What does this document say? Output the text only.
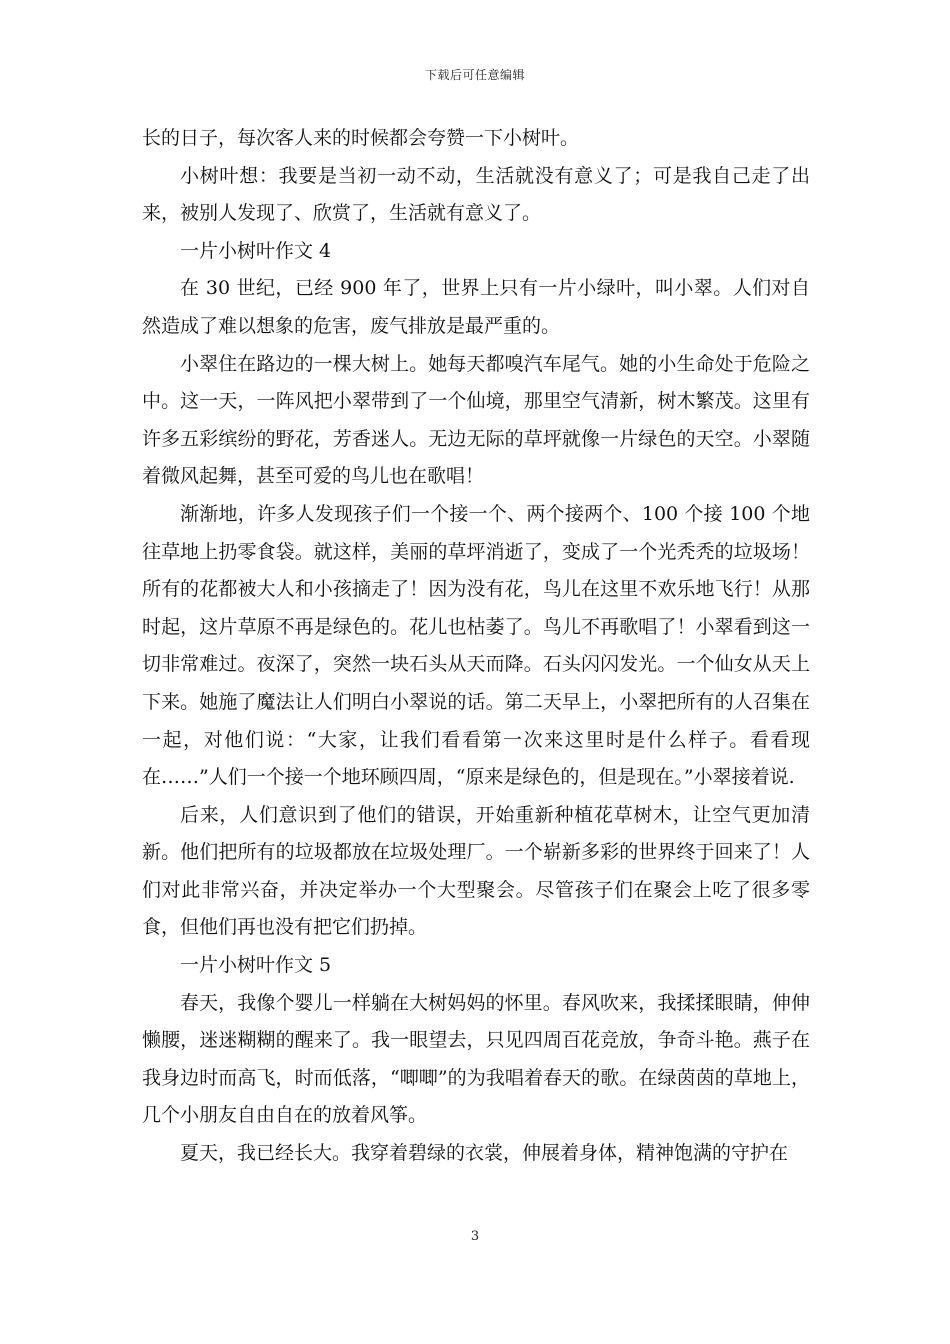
下载后可任意编辑

长的日子，每次客人来的时候都会夸赞一下小树叶。

小树叶想：我要是当初一动不动，生活就没有意义了；可是我自己走了出来，被别人发现了、欣赏了，生活就有意义了。

一片小树叶作文 4

在 30 世纪，已经 900 年了，世界上只有一片小绿叶，叫小翠。人们对自然造成了难以想象的危害，废气排放是最严重的。

小翠住在路边的一棵大树上。她每天都嗅汽车尾气。她的小生命处于危险之中。这一天，一阵风把小翠带到了一个仙境，那里空气清新，树木繁茂。这里有许多五彩缤纷的野花，芳香迷人。无边无际的草坪就像一片绿色的天空。小翠随着微风起舞，甚至可爱的鸟儿也在歌唱！

渐渐地，许多人发现孩子们一个接一个、两个接两个、100 个接 100 个地往草地上扔零食袋。就这样，美丽的草坪消逝了，变成了一个光秃秃的垃圾场！所有的花都被大人和小孩摘走了！因为没有花，鸟儿在这里不欢乐地飞行！从那时起，这片草原不再是绿色的。花儿也枯萎了。鸟儿不再歌唱了！小翠看到这一切非常难过。夜深了，突然一块石头从天而降。石头闪闪发光。一个仙女从天上下来。她施了魔法让人们明白小翠说的话。第二天早上，小翠把所有的人召集在一起，对他们说：“大家，让我们看看第一次来这里时是什么样子。看看现在……”人们一个接一个地环顾四周，“原来是绿色的，但是现在。”小翠接着说.

后来，人们意识到了他们的错误，开始重新种植花草树木，让空气更加清新。他们把所有的垃圾都放在垃圾处理厂。一个崭新多彩的世界终于回来了！人们对此非常兴奋，并决定举办一个大型聚会。尽管孩子们在聚会上吃了很多零食，但他们再也没有把它们扔掉。

一片小树叶作文 5

春天，我像个婴儿一样躺在大树妈妈的怀里。春风吹来，我揉揉眼睛，伸伸懒腰，迷迷糊糊的醒来了。我一眼望去，只见四周百花竞放，争奇斗艳。燕子在我身边时而高飞，时而低落，“唧唧”的为我唱着春天的歌。在绿茵茵的草地上，几个小朋友自由自在的放着风筝。

夏天，我已经长大。我穿着碧绿的衣裳，伸展着身体，精神饱满的守护在

3
